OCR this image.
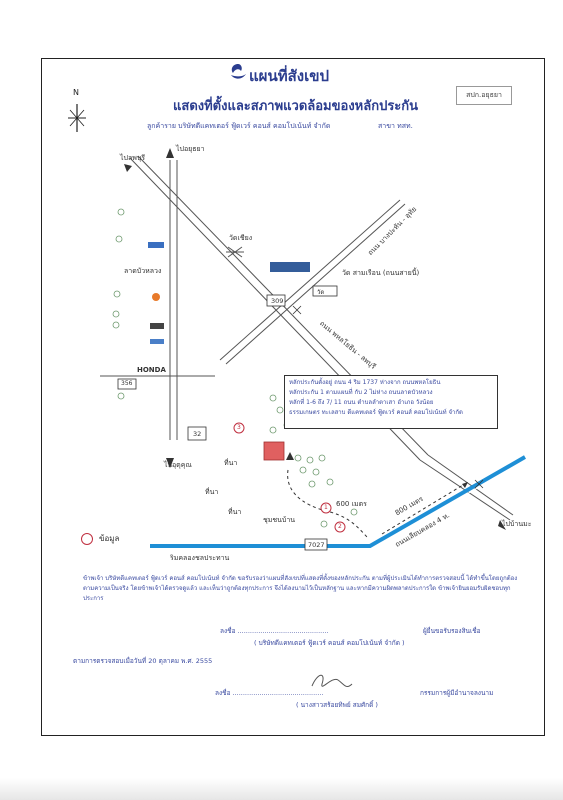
แผนที่สังเขป
แสดงที่ตั้งและสภาพแวดล้อมของหลักประกัน
ลูกค้าราย บริษัทดีแคทเตอร์ ฟู้ดเวร์ คอนส์ คอมโปเน้นท์ จำกัด	สาขา ทสท.
สปก.อยุธยา
N
ไปอยุธยา
ไปลพบุรี
วัดเชียง
ลาดบัวหลวง
309
356
32
7027
วัด สามเรือน (ถนนสายนี้)
HONDA
ไปอุตุคุณ	ที่นา
ที่นา
ที่นา
ริมคลองชลประทาน
600 เมตร	800 เมตร
ถนนเลียบคลอง 4 ท.
ถนน บางปะหัน - อุทัย
ไปบ้านมะ
ชุมชนบ้าน
ถนน พหลโยธิน - ลพบุรี
1
2
3
วัด
หลักประกันตั้งอยู่ ถนน 4 ริม 1737 ห่างจาก ถนนพหลโยธิน
หลักประกัน 1 ตามแผนที่ กับ 2 ไม่ห่าง ถนนลาดบัวหลวง
หลักที่ 1-6 ถึง 7/ 11 ถนน ตำบลลำตาเสา อำเภอ วังน้อย
ธรรมเกษตร ทะเลสาบ ดีแคทเตอร์ ฟู้ดเวร์ คอนส์ คอมโปเน้นท์ จำกัด
ข้อมูล
ข้าพเจ้า บริษัทดีแคทเตอร์ ฟู้ดเวร์ คอนส์ คอมโปเน้นท์ จำกัด ขอรับรองว่าแผนที่สังเขปที่แสดงที่ตั้งของหลักประกัน ตามที่ผู้ประเมินได้ทำการตรวจสอบนี้ ได้ทำขึ้นโดยถูกต้อง ตามความเป็นจริง โดยข้าพเจ้าได้ตรวจดูแล้ว และเห็นว่าถูกต้องทุกประการ จึงได้ลงนามไว้เป็นหลักฐาน และหากมีความผิดพลาดประการใด ข้าพเจ้ายินยอมรับผิดชอบทุกประการ
ลงชื่อ ............................................	ผู้ยื่นขอรับรองสินเชื่อ
( บริษัทดีแคทเตอร์ ฟู้ดเวร์ คอนส์ คอมโปเน้นท์ จำกัด )
ตามการตรวจสอบเมื่อวันที่ 20 ตุลาคม พ.ศ. 2555
ลงชื่อ ............................................	กรรมการผู้มีอำนาจลงนาม
( นางสาวสร้อยทิพย์ สมศักดิ์ )
